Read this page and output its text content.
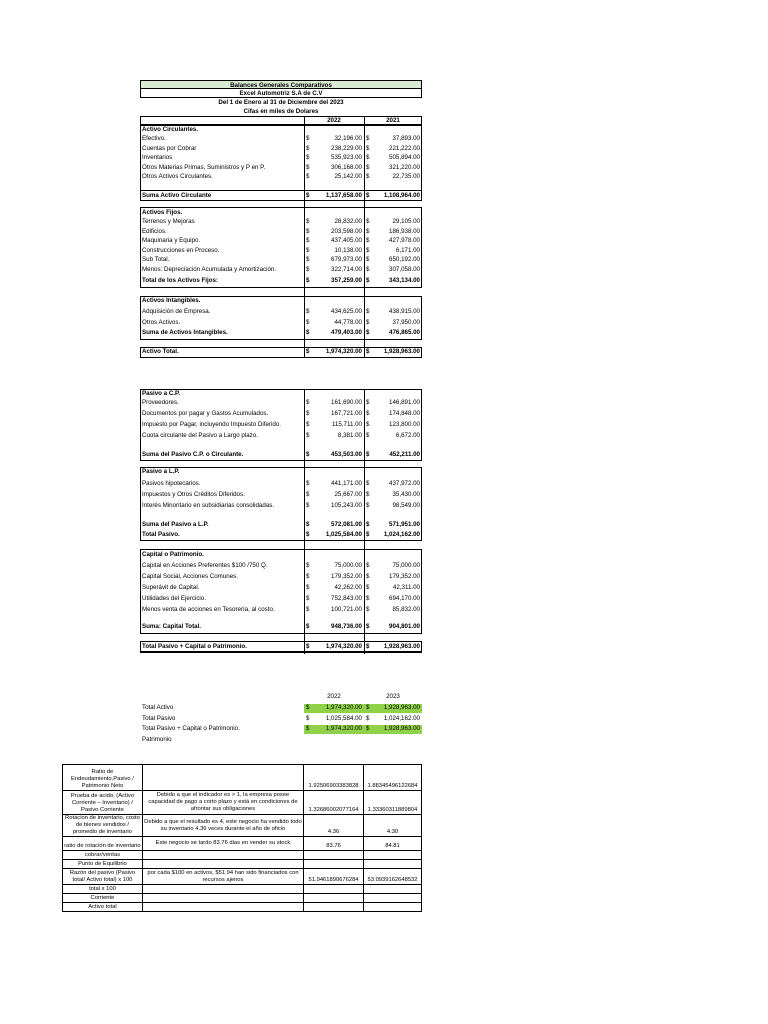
Balances Generales Comparativos
Excel Automotriz S.A de C.V
Del 1 de Enero al 31 de Diciembre del 2023
Cifas en miles de Dolares
2022	2021
Activo Circulantes.
Efectivo.	$	32,196.00 $	37,893.00
Cuentas por Cobrar	$	238,229.00 $	221,222.00
Inventarios	$	535,923.00 $	505,894.00
Otros Materias Primas, Suministros y P en P.	$	306,168.00 $	321,220.00
Otros Activos Circulantes.	$	25,142.00 $	22,735.00
Suma Activo Circulante	$	1,137,658.00 $	1,108,964.00
Activos Fijos.
Terrenos y Mejoras	$	28,832.00 $	29,105.00
Edificios.	$	203,598.00 $	186,938.00
Maquinaria y Equipo.	$	437,405.00 $	427,978.00
Construcciones en Proceso.	$	10,138.00 $	6,171.00
Sub Total.	$	679,973.00 $	650,192.00
Menos: Depreciación Acumulada y Amortización.	$	322,714.00 $	307,058.00
Total de los Activos Fijos:	$	357,259.00 $	343,134.00
Activos Intangibles.
Adquisición de Empresa.	$	434,625.00 $	438,915.00
Otros Activos.	$	44,778.00 $	37,950.00
Suma de Activos Intangibles.	$	479,403.00 $	476,865.00
Activo Total.	$	1,974,320.00 $	1,928,963.00
Pasivo a C.P.
Proveedores.	$	161,690.00 $	146,891.00
Documentos por pagar y Gastos Acumulados.	$	167,721.00 $	174,848.00
Impuesto por Pagar, incluyendo Impuesto Diferido.	$	115,711.00 $	123,800.00
Cuota circulante del Pasivo a Largo plazo.	$	8,381.00 $	6,672.00
Suma del Pasivo C.P. o Circulante.	$	453,503.00 $	452,211.00
Pasivo a L.P.
Pasivos hipotecarios.	$	441,171.00 $	437,972.00
Impuestos y Otros Créditos Diferidos.	$	25,667.00 $	35,430.00
Interés Minoritario en subsidiarias consolidadas.	$	105,243.00 $	98,549.00
Suma del Pasivo a L.P.	$	572,081.00 $	571,951.00
Total Pasivo.	$	1,025,584.00 $	1,024,162.00
Capital o Patrimonio.
Capital en Acciones Preferentes $100 /750 Q.	$	75,000.00 $	75,000.00
Capital Social, Acciones Comunes.	$	179,352.00 $	179,352.00
Superávit de Capital.	$	42,262.00 $	42,311.00
Utilidades del Ejercicio.	$	752,843.00 $	694,170.00
Menos venta de acciones en Tesorería, al costo.	$	100,721.00 $	85,832.00
Suma: Capital Total.	$	948,736.00 $	904,801.00
Total Pasivo + Capital o Patrimonio.	$	1,974,320.00 $	1,928,963.00
2022	2023
Total Activo	$	1,974,320.00 $	1,928,963.00
Total Pasivo	$	1,025,584.00 $	1,024,162.00
Total Pasivo + Capital o Patrimonio.	$	1,974,320.00 $	1,928,963.00
Patrimonio
Ratio de Endeudamiento,Pasivo / Patrimonio Neto		1.92506903383828	1.88345496122684
Prueba de acido, (Activo Corriente – Inventario) / Pasivo Corriente	Debido a que el indicador es > 1, la empresa posee capacidad de pago a corto plazo y está en condiciones de afrontar sus obligaciones	1.32686002077164	1.33360311889804
Rotacion de inventario, costo de bienes vendidos / promedio de inventario	Debido a que el resultado es 4, este negocio ha vendido todo su inventario 4.36 veces durante el año de oficio	4.36	4.30
ratio de rotación de inventario	Este negocio se tardo 83.76 dias en vender su stock	83.76	84.81
cobrar/ventas			
Punto de Equilibrio			
Razón del pasivo (Pasivo total/ Activo total) x 100	por cada $100 en activos, $51.94 han sido financiados con recursos ajenos	51.9461890676284	53.0939162648532
total x 100			
Corriente			
Activo total			
